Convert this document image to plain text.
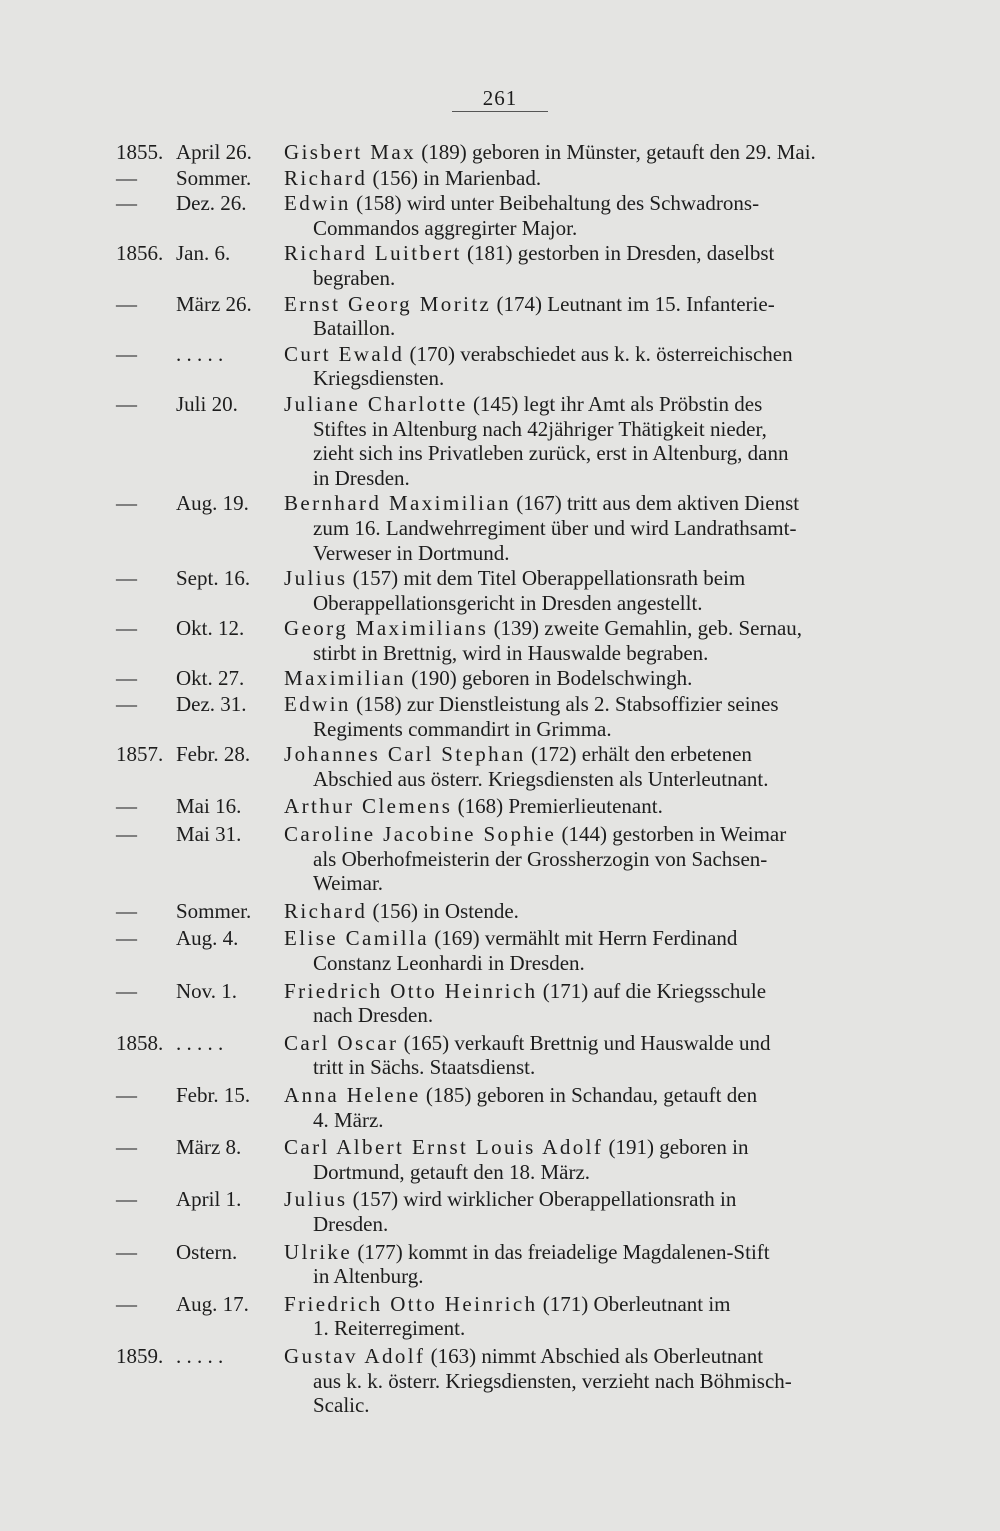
261
1855. April 26.	Gisbert Max (189) geboren in Münster, getauft den 29. Mai.
—	Sommer.	Richard (156) in Marienbad.
—	Dez. 26.	Edwin (158) wird unter Beibehaltung des Schwadrons-
Commandos aggregirter Major.
1856. Jan. 6.	Richard Luitbert (181) gestorben in Dresden, daselbst
begraben.
—	März 26.	Ernst Georg Moritz (174) Leutnant im 15. Infanterie-
Bataillon.
—	. . . . .	Curt Ewald (170) verabschiedet aus k. k. österreichischen
Kriegsdiensten.
—	Juli 20.	Juliane Charlotte (145) legt ihr Amt als Pröbstin des
Stiftes in Altenburg nach 42jähriger Thätigkeit nieder,
zieht sich ins Privatleben zurück, erst in Altenburg, dann
in Dresden.
—	Aug. 19.	Bernhard Maximilian (167) tritt aus dem aktiven Dienst
zum 16. Landwehrregiment über und wird Landrathsamt-
Verweser in Dortmund.
—	Sept. 16.	Julius (157) mit dem Titel Oberappellationsrath beim
Oberappellationsgericht in Dresden angestellt.
—	Okt. 12.	Georg Maximilians (139) zweite Gemahlin, geb. Sernau,
stirbt in Brettnig, wird in Hauswalde begraben.
—	Okt. 27.	Maximilian (190) geboren in Bodelschwingh.
—	Dez. 31.	Edwin (158) zur Dienstleistung als 2. Stabsoffizier seines
Regiments commandirt in Grimma.
1857. Febr. 28.	Johannes Carl Stephan (172) erhält den erbetenen
Abschied aus österr. Kriegsdiensten als Unterleutnant.
—	Mai 16.	Arthur Clemens (168) Premierlieutenant.
—	Mai 31.	Caroline Jacobine Sophie (144) gestorben in Weimar
als Oberhofmeisterin der Grossherzogin von Sachsen-
Weimar.
—	Sommer.	Richard (156) in Ostende.
—	Aug. 4.	Elise Camilla (169) vermählt mit Herrn Ferdinand
Constanz Leonhardi in Dresden.
—	Nov. 1.	Friedrich Otto Heinrich (171) auf die Kriegsschule
nach Dresden.
1858. . . . . .	Carl Oscar (165) verkauft Brettnig und Hauswalde und
tritt in Sächs. Staatsdienst.
—	Febr. 15.	Anna Helene (185) geboren in Schandau, getauft den
4. März.
—	März 8.	Carl Albert Ernst Louis Adolf (191) geboren in
Dortmund, getauft den 18. März.
—	April 1.	Julius (157) wird wirklicher Oberappellationsrath in
Dresden.
—	Ostern.	Ulrike (177) kommt in das freiadelige Magdalenen-Stift
in Altenburg.
—	Aug. 17.	Friedrich Otto Heinrich (171) Oberleutnant im
1. Reiterregiment.
1859. . . . . .	Gustav Adolf (163) nimmt Abschied als Oberleutnant
aus k. k. österr. Kriegsdiensten, verzieht nach Böhmisch-
Scalic.
